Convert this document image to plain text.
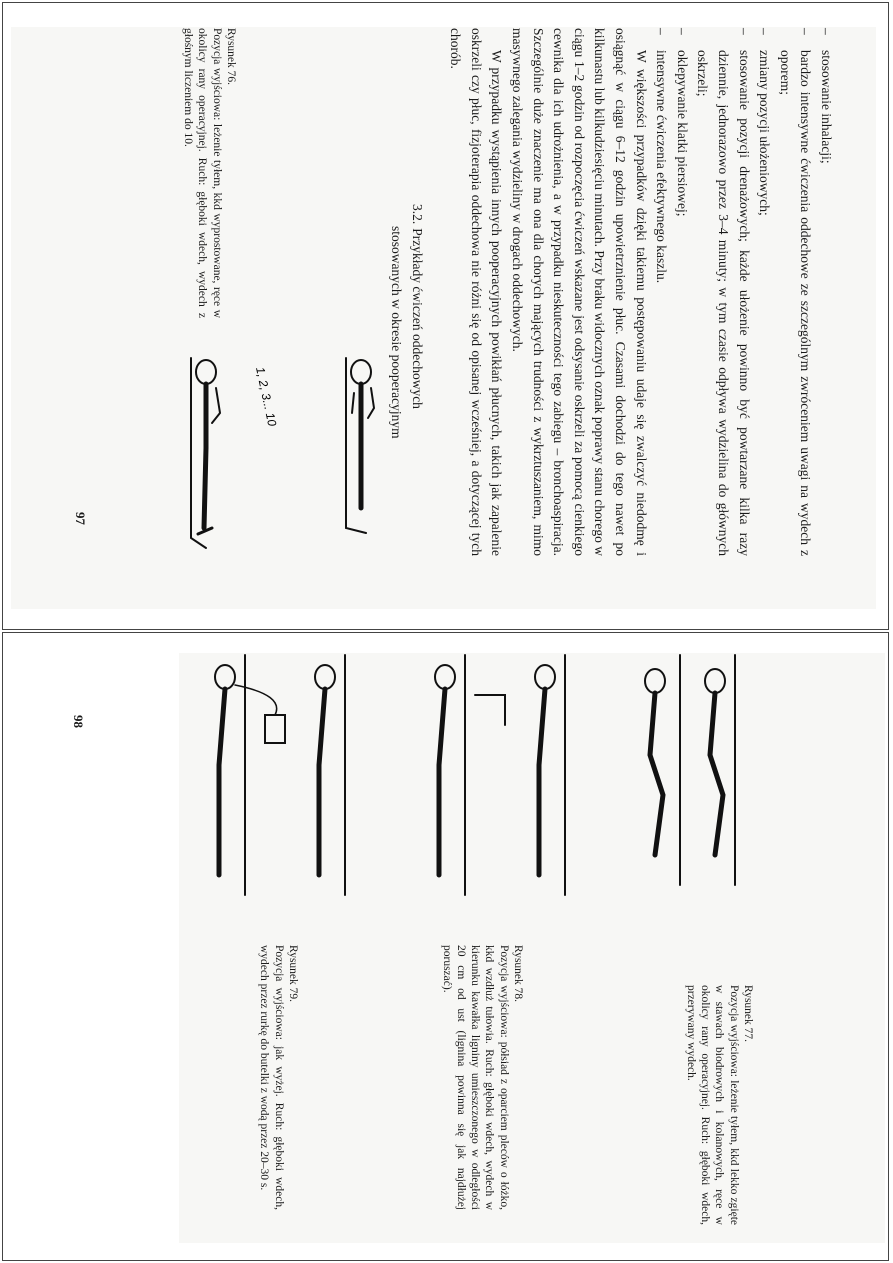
–
stosowanie inhalacji;
–
bardzo intensywne ćwiczenia oddechowe ze szczególnym zwróceniem uwagi na wydech z oporem;
–
zmiany pozycji ułożeniowych;
–
stosowanie pozycji drenażowych; każde ułożenie powinno być powtarzane kilka razy dziennie, jednorazowo przez 3–4 minuty; w tym czasie odpływa wydzielina do głównych oskrzeli;
–
oklepywanie klatki piersiowej;
–
intensywne ćwiczenia efektywnego kaszlu.

W większości przypadków dzięki takiemu postępowaniu udaje się zwalczyć niedodmę i osiągnąć w ciągu 6–12 godzin upowietrznienie płuc. Czasami dochodzi do tego nawet po kilkunastu lub kilkudziesięciu minutach. Przy braku widocznych oznak poprawy stanu chorego w ciągu 1–2 godzin od rozpoczęcia ćwiczeń wskazane jest odsysanie oskrzeli za pomocą cienkiego cewnika dla ich udrożnienia, a w przypadku nieskuteczności tego zabiegu – bronchoaspiracja. Szczególnie duże znaczenie ma ona dla chorych mających trudności z wykrztuszaniem, mimo masywnego zalegania wydzieliny w drogach oddechowych.

W przypadku wystąpienia innych pooperacyjnych powikłań płucnych, takich jak zapalenie oskrzeli czy płuc, fizjoterapia oddechowa nie różni się od opisanej wcześniej, a dotyczącej tych chorób.

3.2.Przykłady ćwiczeń oddechowych
stosowanych w okresie pooperacyjnym
1, 2, 3... 10
Rysunek 76.
Pozycja wyjściowa: leżenie tyłem, kkd wyprostowane, ręce w okolicy rany operacyjnej. Ruch: głęboki wdech, wydech z głośnym liczeniem do 10.
97
Rysunek 77.
Pozycja wyjściowa: leżenie tyłem, kkd lekko zgięte w stawach biodrowych i kolanowych, ręce w okolicy rany operacyjnej. Ruch: głęboki wdech, przerywany wydech.
Rysunek 78.
Pozycja wyjściowa: półsiad z oparciem pleców o łóżko, kkd wzdłuż tułowia. Ruch: głęboki wdech, wydech w kierunku kawałka ligniny umieszczonego w odległości 20 cm od ust (lignina powinna się jak najdłużej poruszać).
Rysunek 79.
Pozycja wyjściowa: jak wyżej. Ruch: głęboki wdech, wydech przez rurkę do butelki z wodą przez 20–30 s.
98
